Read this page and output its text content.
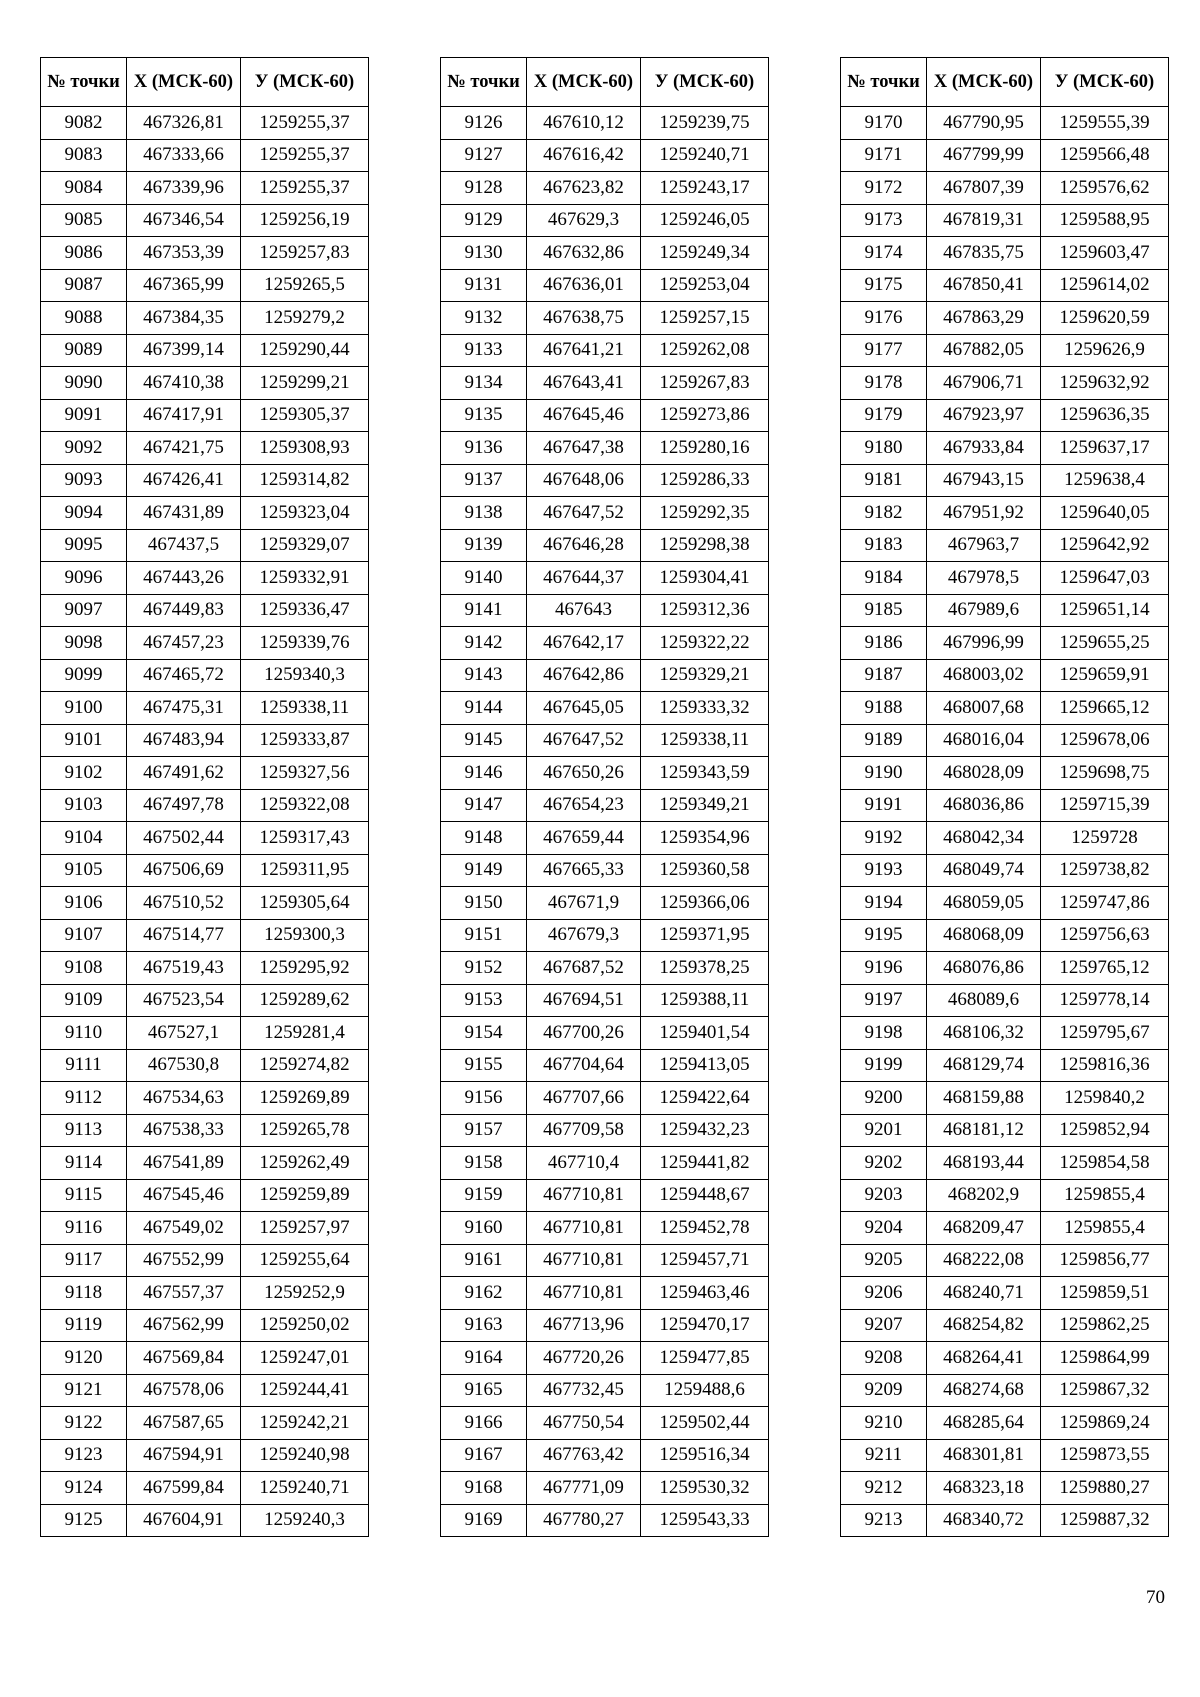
№ точки	X (МСК-60)	У (МСК-60)
9082	467326,81	1259255,37
9083	467333,66	1259255,37
9084	467339,96	1259255,37
9085	467346,54	1259256,19
9086	467353,39	1259257,83
9087	467365,99	1259265,5
9088	467384,35	1259279,2
9089	467399,14	1259290,44
9090	467410,38	1259299,21
9091	467417,91	1259305,37
9092	467421,75	1259308,93
9093	467426,41	1259314,82
9094	467431,89	1259323,04
9095	467437,5	1259329,07
9096	467443,26	1259332,91
9097	467449,83	1259336,47
9098	467457,23	1259339,76
9099	467465,72	1259340,3
9100	467475,31	1259338,11
9101	467483,94	1259333,87
9102	467491,62	1259327,56
9103	467497,78	1259322,08
9104	467502,44	1259317,43
9105	467506,69	1259311,95
9106	467510,52	1259305,64
9107	467514,77	1259300,3
9108	467519,43	1259295,92
9109	467523,54	1259289,62
9110	467527,1	1259281,4
9111	467530,8	1259274,82
9112	467534,63	1259269,89
9113	467538,33	1259265,78
9114	467541,89	1259262,49
9115	467545,46	1259259,89
9116	467549,02	1259257,97
9117	467552,99	1259255,64
9118	467557,37	1259252,9
9119	467562,99	1259250,02
9120	467569,84	1259247,01
9121	467578,06	1259244,41
9122	467587,65	1259242,21
9123	467594,91	1259240,98
9124	467599,84	1259240,71
9125	467604,91	1259240,3
№ точки	X (МСК-60)	У (МСК-60)
9126	467610,12	1259239,75
9127	467616,42	1259240,71
9128	467623,82	1259243,17
9129	467629,3	1259246,05
9130	467632,86	1259249,34
9131	467636,01	1259253,04
9132	467638,75	1259257,15
9133	467641,21	1259262,08
9134	467643,41	1259267,83
9135	467645,46	1259273,86
9136	467647,38	1259280,16
9137	467648,06	1259286,33
9138	467647,52	1259292,35
9139	467646,28	1259298,38
9140	467644,37	1259304,41
9141	467643	1259312,36
9142	467642,17	1259322,22
9143	467642,86	1259329,21
9144	467645,05	1259333,32
9145	467647,52	1259338,11
9146	467650,26	1259343,59
9147	467654,23	1259349,21
9148	467659,44	1259354,96
9149	467665,33	1259360,58
9150	467671,9	1259366,06
9151	467679,3	1259371,95
9152	467687,52	1259378,25
9153	467694,51	1259388,11
9154	467700,26	1259401,54
9155	467704,64	1259413,05
9156	467707,66	1259422,64
9157	467709,58	1259432,23
9158	467710,4	1259441,82
9159	467710,81	1259448,67
9160	467710,81	1259452,78
9161	467710,81	1259457,71
9162	467710,81	1259463,46
9163	467713,96	1259470,17
9164	467720,26	1259477,85
9165	467732,45	1259488,6
9166	467750,54	1259502,44
9167	467763,42	1259516,34
9168	467771,09	1259530,32
9169	467780,27	1259543,33
№ точки	X (МСК-60)	У (МСК-60)
9170	467790,95	1259555,39
9171	467799,99	1259566,48
9172	467807,39	1259576,62
9173	467819,31	1259588,95
9174	467835,75	1259603,47
9175	467850,41	1259614,02
9176	467863,29	1259620,59
9177	467882,05	1259626,9
9178	467906,71	1259632,92
9179	467923,97	1259636,35
9180	467933,84	1259637,17
9181	467943,15	1259638,4
9182	467951,92	1259640,05
9183	467963,7	1259642,92
9184	467978,5	1259647,03
9185	467989,6	1259651,14
9186	467996,99	1259655,25
9187	468003,02	1259659,91
9188	468007,68	1259665,12
9189	468016,04	1259678,06
9190	468028,09	1259698,75
9191	468036,86	1259715,39
9192	468042,34	1259728
9193	468049,74	1259738,82
9194	468059,05	1259747,86
9195	468068,09	1259756,63
9196	468076,86	1259765,12
9197	468089,6	1259778,14
9198	468106,32	1259795,67
9199	468129,74	1259816,36
9200	468159,88	1259840,2
9201	468181,12	1259852,94
9202	468193,44	1259854,58
9203	468202,9	1259855,4
9204	468209,47	1259855,4
9205	468222,08	1259856,77
9206	468240,71	1259859,51
9207	468254,82	1259862,25
9208	468264,41	1259864,99
9209	468274,68	1259867,32
9210	468285,64	1259869,24
9211	468301,81	1259873,55
9212	468323,18	1259880,27
9213	468340,72	1259887,32
70
